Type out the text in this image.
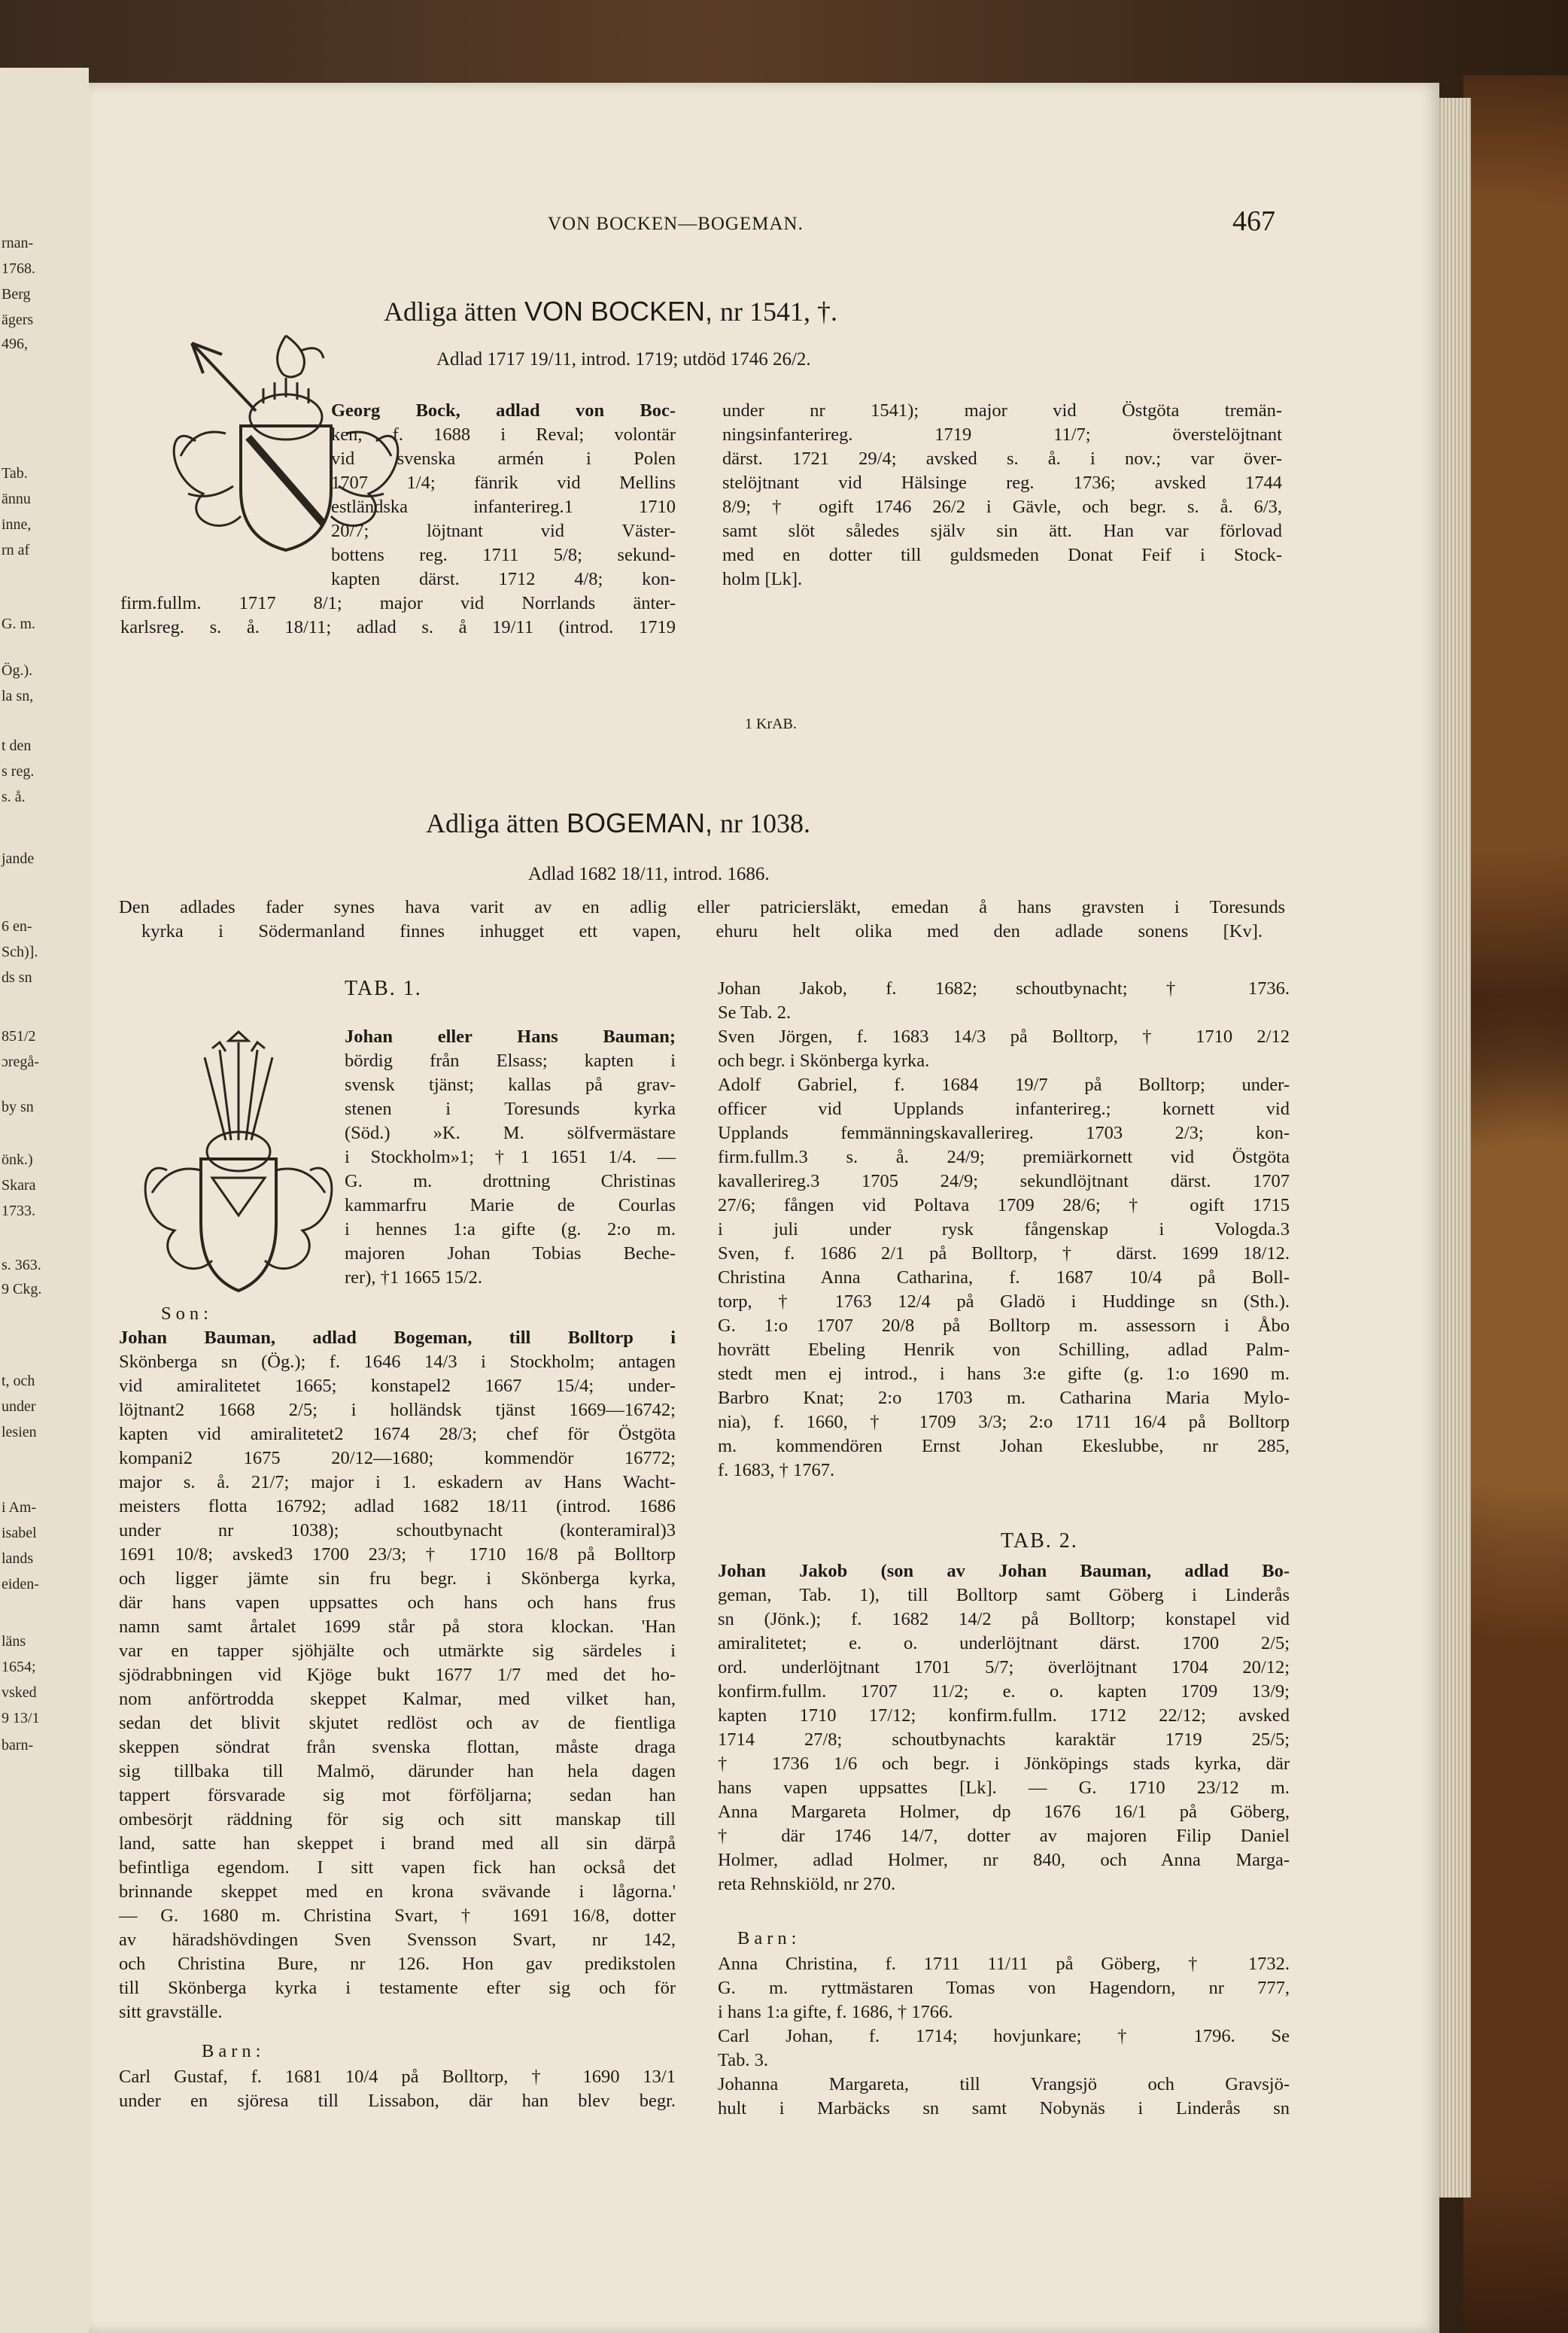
rnan-
1768.
Berg
ägers
496,
Tab.
ännu
inne,
rn af
G. m.
Ög.).
la sn,
t den
s reg.
s. å.
jande
6 en-
Sch)].
ds sn
851/2
ɔregå-
by sn
önk.)
Skara
1733.
s. 363.
9 Ckg.
t, och
under
lesien
i Am-
isabel
lands
eiden-
läns
1654;
vsked
9 13/1
barn-
VON BOCKEN—BOGEMAN.	467
Adliga ätten VON BOCKEN, nr 1541, †.
Adlad 1717 19/11, introd. 1719; utdöd 1746 26/2.
Georg Bock, adlad von Boc-
ken, f. 1688 i Reval; volontär
vid svenska armén i Polen
1707 1/4; fänrik vid Mellins
estländska infanterireg.1 1710
20/7; löjtnant vid Väster-
bottens reg. 1711 5/8; sekund-
kapten därst. 1712 4/8; kon-
firm.fullm. 1717 8/1; major vid Norrlands änter-
karlsreg. s. å. 18/11; adlad s. å 19/11 (introd. 1719
under nr 1541); major vid Östgöta tremän-
ningsinfanterireg. 1719 11/7; överstelöjtnant
därst. 1721 29/4; avsked s. å. i nov.; var över-
stelöjtnant vid Hälsinge reg. 1736; avsked 1744
8/9; † ogift 1746 26/2 i Gävle, och begr. s. å. 6/3,
samt slöt således själv sin ätt. Han var förlovad
med en dotter till guldsmeden Donat Feif i Stock-
holm [Lk].
1 KrAB.
Adliga ätten BOGEMAN, nr 1038.
Adlad 1682 18/11, introd. 1686.
Den adlades fader synes hava varit av en adlig eller patriciersläkt, emedan å hans gravsten i Toresunds
kyrka i Södermanland finnes inhugget ett vapen, ehuru helt olika med den adlade sonens [Kv].
TAB. 1.
Johan eller Hans Bauman;
bördig från Elsass; kapten i
svensk tjänst; kallas på grav-
stenen i Toresunds kyrka
(Söd.) »K. M. sölfvermästare
i Stockholm»1; †1 1651 1/4. —
G. m. drottning Christinas
kammarfru Marie de Courlas
i hennes 1:a gifte (g. 2:o m.
majoren Johan Tobias Beche-
rer), †1 1665 15/2.
Son:
Johan Bauman, adlad Bogeman, till Bolltorp i
Skönberga sn (Ög.); f. 1646 14/3 i Stockholm; antagen
vid amiralitetet 1665; konstapel2 1667 15/4; under-
löjtnant2 1668 2/5; i holländsk tjänst 1669—16742;
kapten vid amiralitetet2 1674 28/3; chef för Östgöta
kompani2 1675 20/12—1680; kommendör 16772;
major s. å. 21/7; major i 1. eskadern av Hans Wacht-
meisters flotta 16792; adlad 1682 18/11 (introd. 1686
under nr 1038); schoutbynacht (konteramiral)3
1691 10/8; avsked3 1700 23/3; † 1710 16/8 på Bolltorp
och ligger jämte sin fru begr. i Skönberga kyrka,
där hans vapen uppsattes och hans och hans frus
namn samt årtalet 1699 står på stora klockan. 'Han
var en tapper sjöhjälte och utmärkte sig särdeles i
sjödrabbningen vid Kjöge bukt 1677 1/7 med det ho-
nom anförtrodda skeppet Kalmar, med vilket han,
sedan det blivit skjutet redlöst och av de fientliga
skeppen söndrat från svenska flottan, måste draga
sig tillbaka till Malmö, därunder han hela dagen
tappert försvarade sig mot förföljarna; sedan han
ombesörjt räddning för sig och sitt manskap till
land, satte han skeppet i brand med all sin därpå
befintliga egendom. I sitt vapen fick han också det
brinnande skeppet med en krona svävande i lågorna.'
— G. 1680 m. Christina Svart, † 1691 16/8, dotter
av häradshövdingen Sven Svensson Svart, nr 142,
och Christina Bure, nr 126. Hon gav predikstolen
till Skönberga kyrka i testamente efter sig och för
sitt gravställe.
Barn:
Carl Gustaf, f. 1681 10/4 på Bolltorp, † 1690 13/1
under en sjöresa till Lissabon, där han blev begr.
Johan Jakob, f. 1682; schoutbynacht; † 1736.
Se Tab. 2.
Sven Jörgen, f. 1683 14/3 på Bolltorp, † 1710 2/12
och begr. i Skönberga kyrka.
Adolf Gabriel, f. 1684 19/7 på Bolltorp; under-
officer vid Upplands infanterireg.; kornett vid
Upplands femmänningskavallerireg. 1703 2/3; kon-
firm.fullm.3 s. å. 24/9; premiärkornett vid Östgöta
kavallerireg.3 1705 24/9; sekundlöjtnant därst. 1707
27/6; fången vid Poltava 1709 28/6; † ogift 1715
i juli under rysk fångenskap i Vologda.3
Sven, f. 1686 2/1 på Bolltorp, † därst. 1699 18/12.
Christina Anna Catharina, f. 1687 10/4 på Boll-
torp, † 1763 12/4 på Gladö i Huddinge sn (Sth.).
G. 1:o 1707 20/8 på Bolltorp m. assessorn i Åbo
hovrätt Ebeling Henrik von Schilling, adlad Palm-
stedt men ej introd., i hans 3:e gifte (g. 1:o 1690 m.
Barbro Knat; 2:o 1703 m. Catharina Maria Mylo-
nia), f. 1660, † 1709 3/3; 2:o 1711 16/4 på Bolltorp
m. kommendören Ernst Johan Ekeslubbe, nr 285,
f. 1683, † 1767.
TAB. 2.
Johan Jakob (son av Johan Bauman, adlad Bo-
geman, Tab. 1), till Bolltorp samt Göberg i Linderås
sn (Jönk.); f. 1682 14/2 på Bolltorp; konstapel vid
amiralitetet; e. o. underlöjtnant därst. 1700 2/5;
ord. underlöjtnant 1701 5/7; överlöjtnant 1704 20/12;
konfirm.fullm. 1707 11/2; e. o. kapten 1709 13/9;
kapten 1710 17/12; konfirm.fullm. 1712 22/12; avsked
1714 27/8; schoutbynachts karaktär 1719 25/5;
† 1736 1/6 och begr. i Jönköpings stads kyrka, där
hans vapen uppsattes [Lk]. — G. 1710 23/12 m.
Anna Margareta Holmer, dp 1676 16/1 på Göberg,
† där 1746 14/7, dotter av majoren Filip Daniel
Holmer, adlad Holmer, nr 840, och Anna Marga-
reta Rehnskiöld, nr 270.
Barn:
Anna Christina, f. 1711 11/11 på Göberg, † 1732.
G. m. ryttmästaren Tomas von Hagendorn, nr 777,
i hans 1:a gifte, f. 1686, † 1766.
Carl Johan, f. 1714; hovjunkare; † 1796. Se
Tab. 3.
Johanna Margareta, till Vrangsjö och Gravsjö-
hult i Marbäcks sn samt Nobynäs i Linderås sn
